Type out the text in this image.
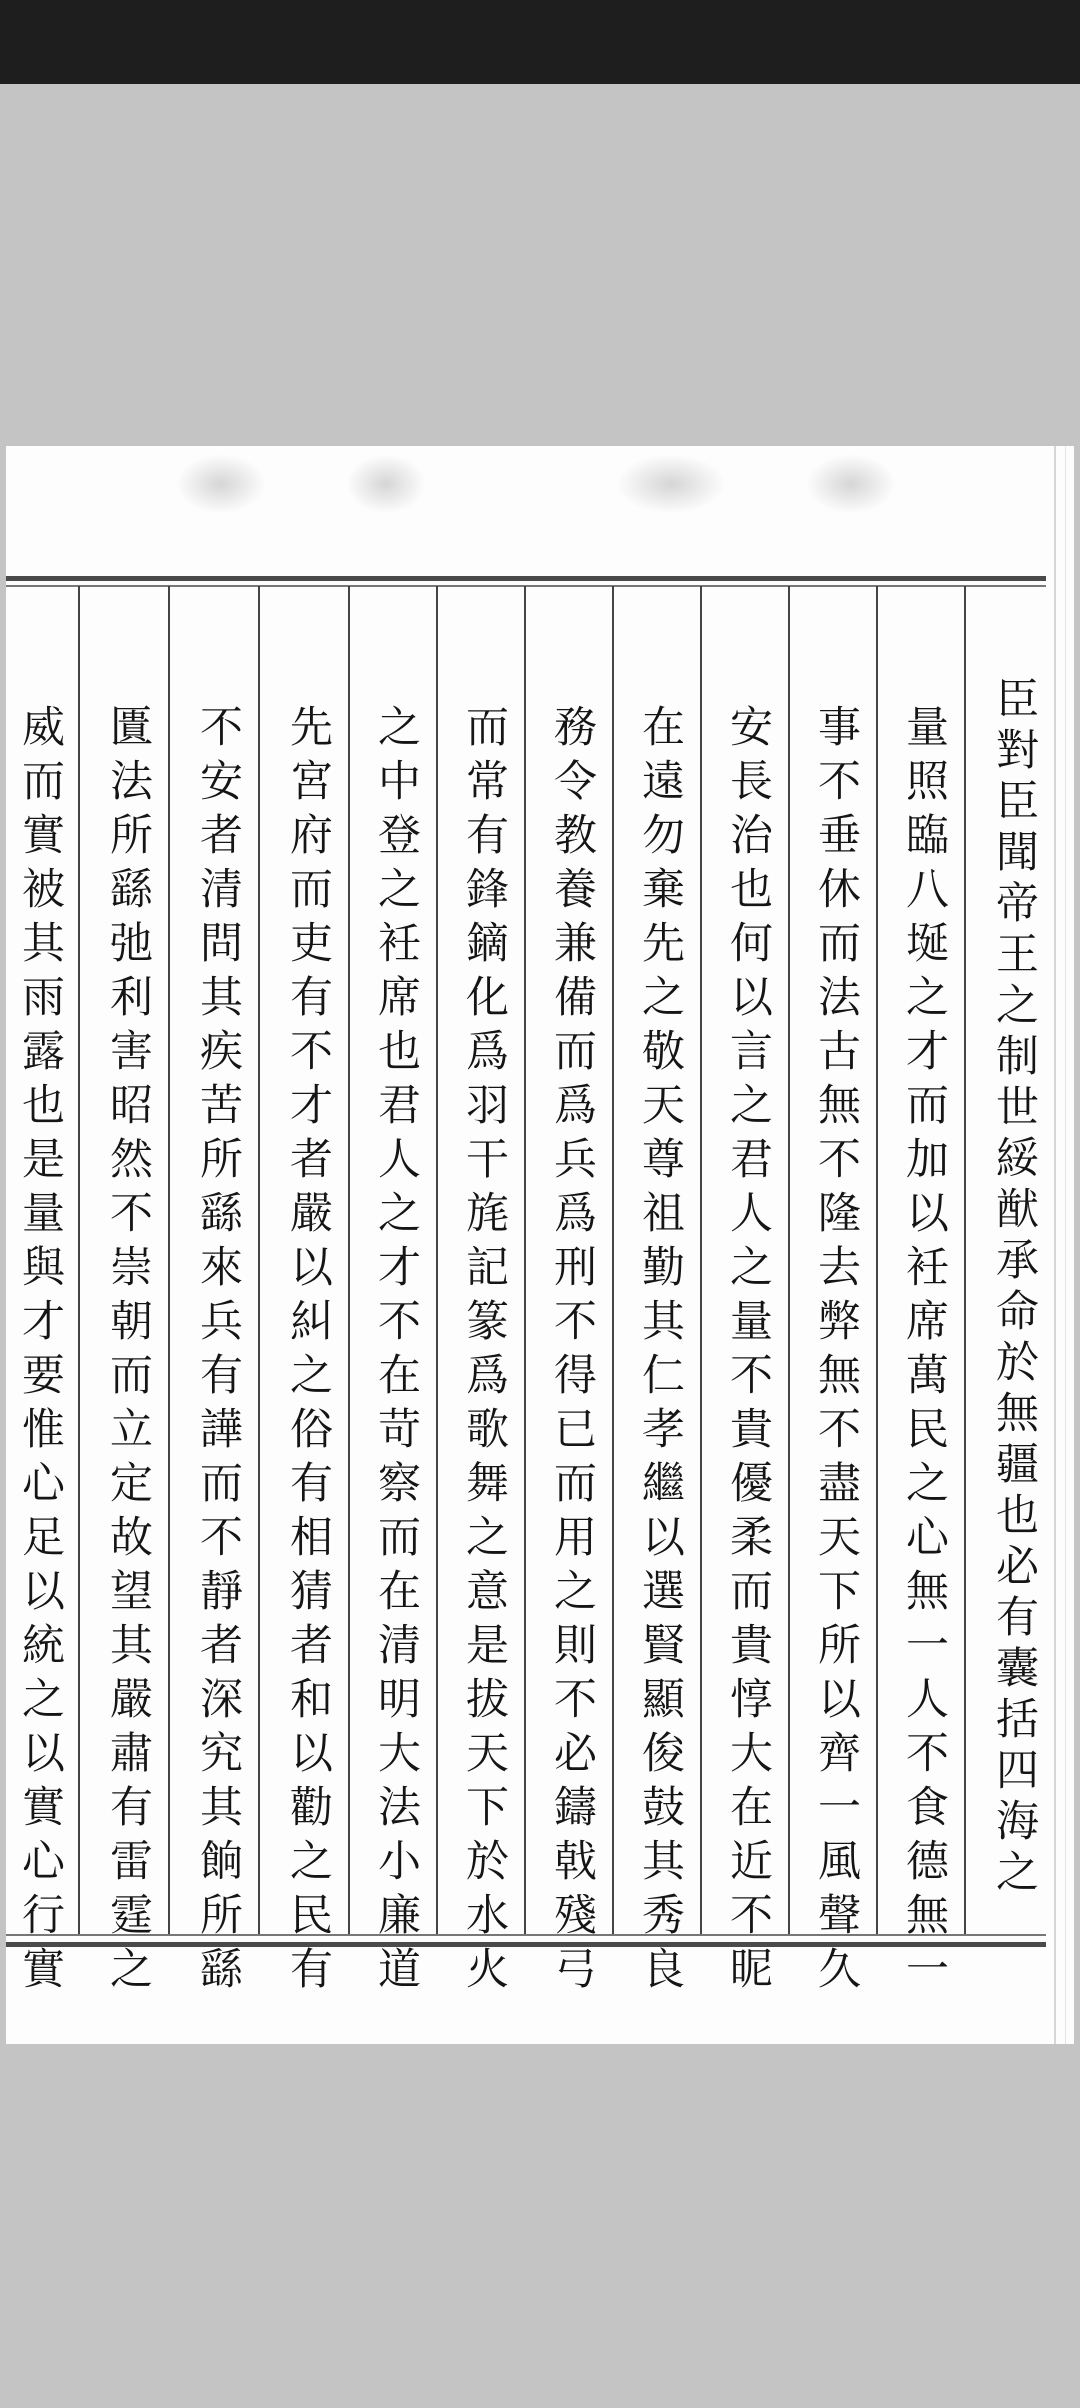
臣對臣聞帝王之制世綏猷承命於無疆也必有囊括四海之
量照臨八埏之才而加以衽席萬民之心無一人不食德無一
事不垂休而法古無不隆去弊無不盡天下所以齊一風聲久
安長治也何以言之君人之量不貴優柔而貴惇大在近不昵
在遠勿棄先之敬天尊祖勤其仁孝繼以選賢顯俊鼓其秀良
務令教養兼備而爲兵爲刑不得已而用之則不必鑄戟殘弓
而常有鋒鏑化爲羽干旄記篆爲歌舞之意是拔天下於水火
之中登之衽席也君人之才不在苛察而在清明大法小廉道
先宮府而吏有不才者嚴以糾之俗有相猜者和以勸之民有
不安者清問其疾苦所繇來兵有譁而不靜者深究其餉所繇
匱法所繇弛利害昭然不崇朝而立定故望其嚴肅有雷霆之
威而實被其雨露也是量與才要惟心足以統之以實心行實
